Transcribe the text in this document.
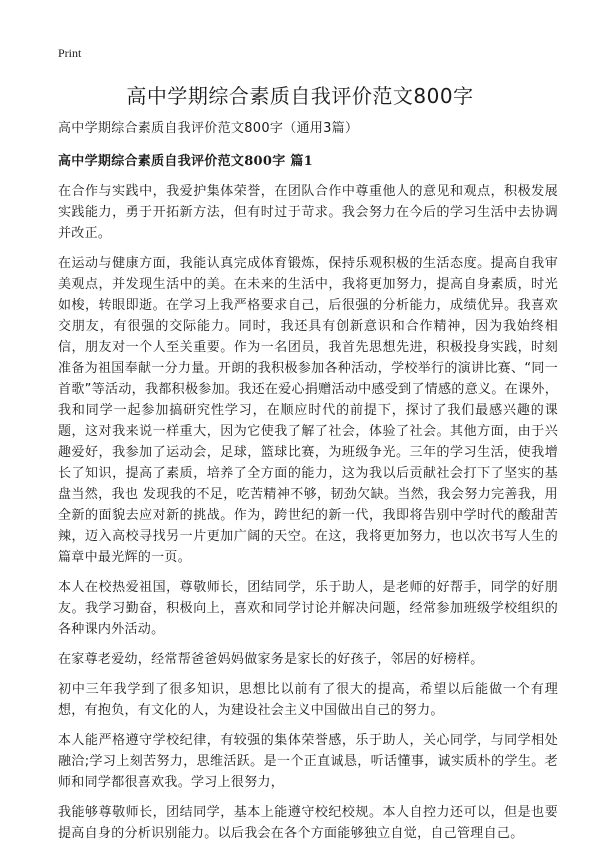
Print
高中学期综合素质自我评价范文800字

高中学期综合素质自我评价范文800字（通用3篇）

高中学期综合素质自我评价范文800字 篇1

在合作与实践中，我爱护集体荣誉，在团队合作中尊重他人的意见和观点，积极发展实践能力，勇于开拓新方法，但有时过于苛求。我会努力在今后的学习生活中去协调并改正。

在运动与健康方面，我能认真完成体育锻炼，保持乐观积极的生活态度。提高自我审美观点，并发现生活中的美。在未来的生活中，我将更加努力，提高自身素质，时光如梭，转眼即逝。在学习上我严格要求自己，后很强的分析能力，成绩优异。我喜欢交朋友，有很强的交际能力。同时，我还具有创新意识和合作精神，因为我始终相信，朋友对一个人至关重要。作为一名团员，我首先思想先进，积极投身实践，时刻准备为祖国奉献一分力量。开朗的我积极参加各种活动，学校举行的演讲比赛、“同一首歌”等活动，我都积极参加。我还在爱心捐赠活动中感受到了情感的意义。在课外，我和同学一起参加搞研究性学习，在顺应时代的前提下，探讨了我们最感兴趣的课题，这对我来说一样重大，因为它使我了解了社会，体验了社会。其他方面，由于兴趣爱好，我参加了运动会，足球，篮球比赛，为班级争光。三年的学习生活，使我增长了知识，提高了素质，培养了全方面的能力，这为我以后贡献社会打下了坚实的基盘当然，我也 发现我的不足，吃苦精神不够，韧劲欠缺。当然，我会努力完善我，用全新的面貌去应对新的挑战。作为，跨世纪的新一代，我即将告别中学时代的酸甜苦辣，迈入高校寻找另一片更加广阔的天空。在这，我将更加努力，也以次书写人生的 篇章中最光辉的一页。

本人在校热爱祖国，尊敬师长，团结同学，乐于助人，是老师的好帮手，同学的好朋友。我学习勤奋，积极向上，喜欢和同学讨论并解决问题，经常参加班级学校组织的各种课内外活动。

在家尊老爱幼，经常帮爸爸妈妈做家务是家长的好孩子，邻居的好榜样。

初中三年我学到了很多知识，思想比以前有了很大的提高，希望以后能做一个有理想，有抱负，有文化的人，为建设社会主义中国做出自己的努力。

本人能严格遵守学校纪律，有较强的集体荣誉感，乐于助人，关心同学，与同学相处融洽;学习上刻苦努力，思维活跃。是一个正直诚恳，听话懂事，诚实质朴的学生。老师和同学都很喜欢我。学习上很努力，

我能够尊敬师长，团结同学，基本上能遵守校纪校规。本人自控力还可以，但是也要提高自身的分析识别能力。以后我会在各个方面能够独立自觉，自己管理自己。
